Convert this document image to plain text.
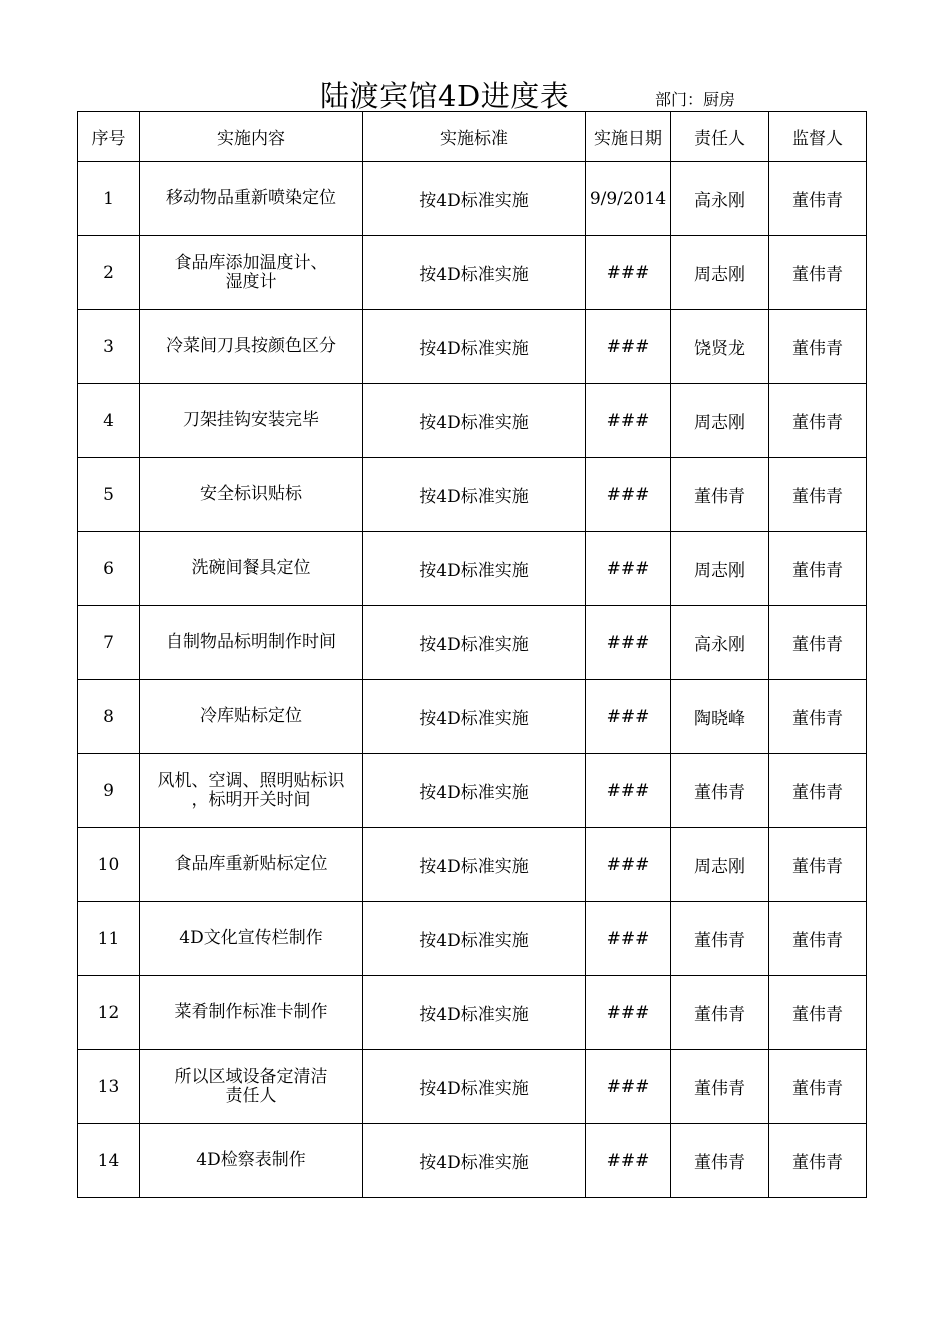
陆渡宾馆4D进度表	部门：厨房
序号	实施内容	实施标准	实施日期	责任人	监督人
1	移动物品重新喷染定位	按4D标准实施	9/9/2014	高永刚	董伟青
2	食品库添加温度计、
湿度计	按4D标准实施	###	周志刚	董伟青
3	冷菜间刀具按颜色区分	按4D标准实施	###	饶贤龙	董伟青
4	刀架挂钩安装完毕	按4D标准实施	###	周志刚	董伟青
5	安全标识贴标	按4D标准实施	###	董伟青	董伟青
6	洗碗间餐具定位	按4D标准实施	###	周志刚	董伟青
7	自制物品标明制作时间	按4D标准实施	###	高永刚	董伟青
8	冷库贴标定位	按4D标准实施	###	陶晓峰	董伟青
9	风机、空调、照明贴标识
，标明开关时间	按4D标准实施	###	董伟青	董伟青
10	食品库重新贴标定位	按4D标准实施	###	周志刚	董伟青
11	4D文化宣传栏制作	按4D标准实施	###	董伟青	董伟青
12	菜肴制作标准卡制作	按4D标准实施	###	董伟青	董伟青
13	所以区域设备定清洁
责任人	按4D标准实施	###	董伟青	董伟青
14	4D检察表制作	按4D标准实施	###	董伟青	董伟青
